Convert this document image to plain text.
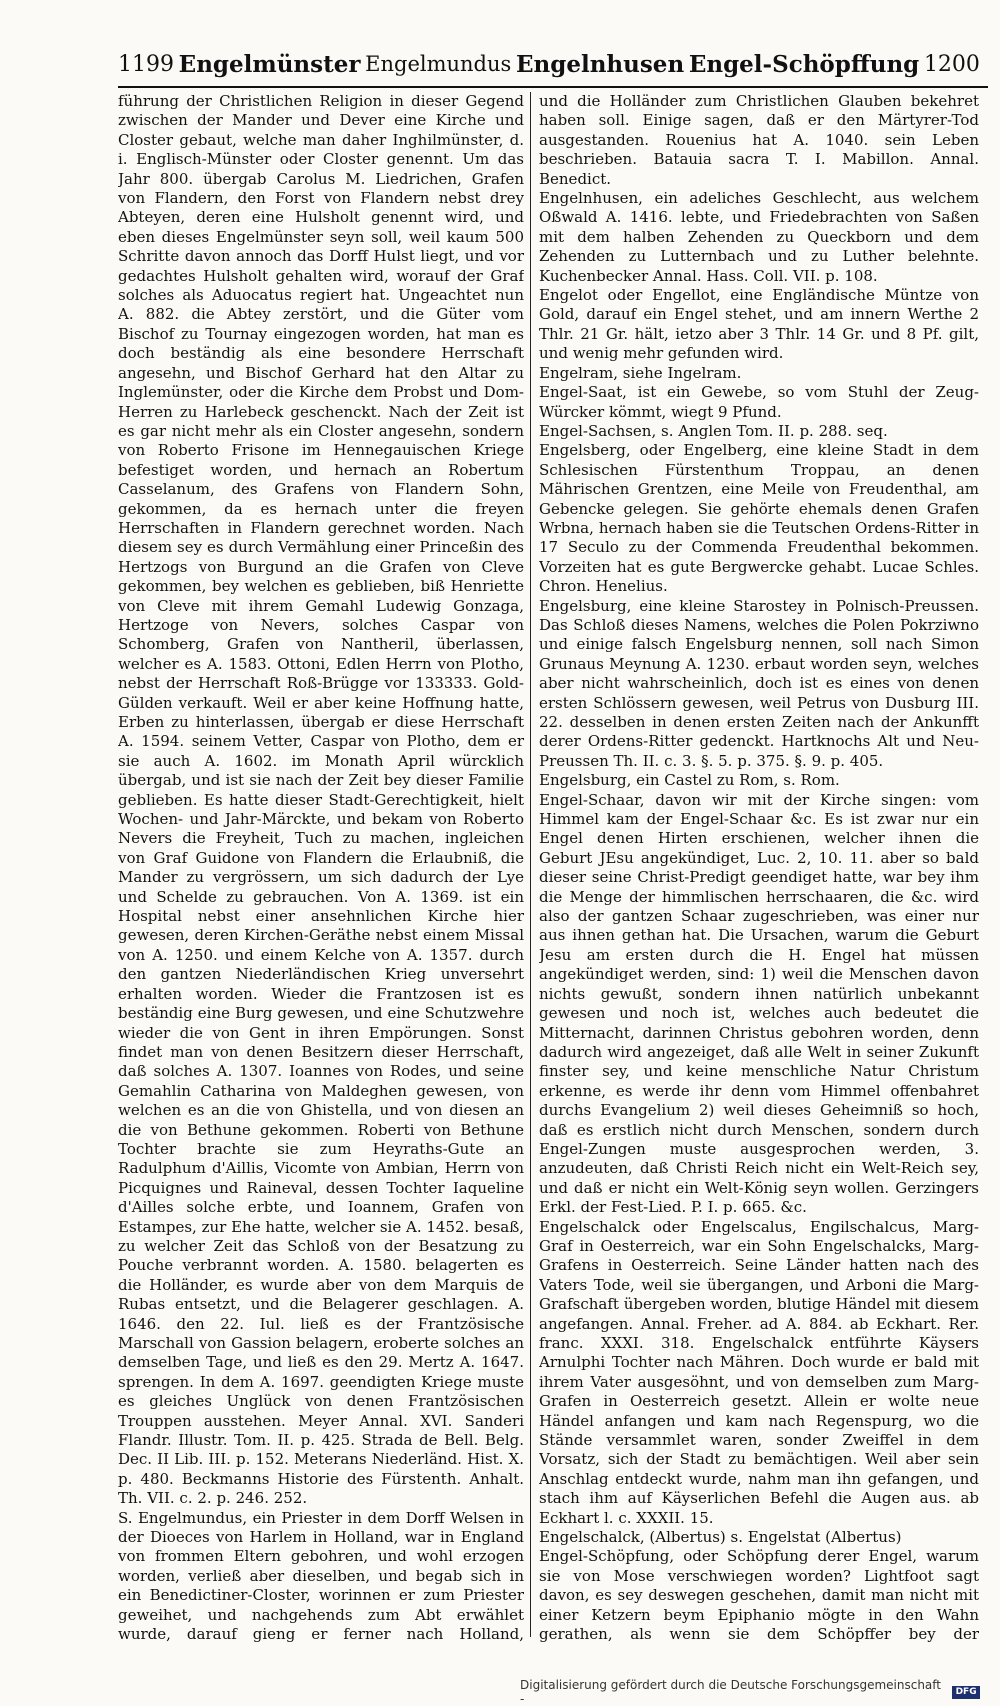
1199 Engelmünster Engelmundus Engelnhusen Engel-Schöpffung 1200

führung der Christlichen Religion in dieser Gegend zwischen der Mander und Dever eine Kirche und Closter gebaut, welche man daher Inghilmünster, d. i. Englisch-Münster oder Closter genennt. Um das Jahr 800. übergab Carolus M. Liedrichen, Grafen von Flandern, den Forst von Flandern nebst drey Abteyen, deren eine Hulsholt genennt wird, und eben dieses Engelmünster seyn soll, weil kaum 500 Schritte davon annoch das Dorff Hulst liegt, und vor gedachtes Hulsholt gehalten wird, worauf der Graf solches als Aduocatus regiert hat. Ungeachtet nun A. 882. die Abtey zerstört, und die Güter vom Bischof zu Tournay eingezogen worden, hat man es doch beständig als eine besondere Herrschaft angesehn, und Bischof Gerhard hat den Altar zu Inglemünster, oder die Kirche dem Probst und Dom-Herren zu Harlebeck geschenckt. Nach der Zeit ist es gar nicht mehr als ein Closter angesehn, sondern von Roberto Frisone im Hennegauischen Kriege befestiget worden, und hernach an Robertum Casselanum, des Grafens von Flandern Sohn, gekommen, da es hernach unter die freyen Herrschaften in Flandern gerechnet worden. Nach diesem sey es durch Vermählung einer Princeßin des Hertzogs von Burgund an die Grafen von Cleve gekommen, bey welchen es geblieben, biß Henriette von Cleve mit ihrem Gemahl Ludewig Gonzaga, Hertzoge von Nevers, solches Caspar von Schomberg, Grafen von Nantheril, überlassen, welcher es A. 1583. Ottoni, Edlen Herrn von Plotho, nebst der Herrschaft Roß-Brügge vor 133333. Gold-Gülden verkauft. Weil er aber keine Hoffnung hatte, Erben zu hinterlassen, übergab er diese Herrschaft A. 1594. seinem Vetter, Caspar von Plotho, dem er sie auch A. 1602. im Monath April würcklich übergab, und ist sie nach der Zeit bey dieser Familie geblieben. Es hatte dieser Stadt-Gerechtigkeit, hielt Wochen- und Jahr-Märckte, und bekam von Roberto Nevers die Freyheit, Tuch zu machen, ingleichen von Graf Guidone von Flandern die Erlaubniß, die Mander zu vergrössern, um sich dadurch der Lye und Schelde zu gebrauchen. Von A. 1369. ist ein Hospital nebst einer ansehnlichen Kirche hier gewesen, deren Kirchen-Geräthe nebst einem Missal von A. 1250. und einem Kelche von A. 1357. durch den gantzen Niederländischen Krieg unversehrt erhalten worden. Wieder die Frantzosen ist es beständig eine Burg gewesen, und eine Schutzwehre wieder die von Gent in ihren Empörungen. Sonst findet man von denen Besitzern dieser Herrschaft, daß solches A. 1307. Ioannes von Rodes, und seine Gemahlin Catharina von Maldeghen gewesen, von welchen es an die von Ghistella, und von diesen an die von Bethune gekommen. Roberti von Bethune Tochter brachte sie zum Heyraths-Gute an Radulphum d'Aillis, Vicomte von Ambian, Herrn von Picquignes und Raineval, dessen Tochter Iaqueline d'Ailles solche erbte, und Ioannem, Grafen von Estampes, zur Ehe hatte, welcher sie A. 1452. besaß, zu welcher Zeit das Schloß von der Besatzung zu Pouche verbrannt worden. A. 1580. belagerten es die Holländer, es wurde aber von dem Marquis de Rubas entsetzt, und die Belagerer geschlagen. A. 1646. den 22. Iul. ließ es der Frantzösische Marschall von Gassion belagern, eroberte solches an demselben Tage, und ließ es den 29. Mertz A. 1647. sprengen. In dem A. 1697. geendigten Kriege muste es gleiches Unglück von denen Frantzösischen Trouppen ausstehen. Meyer Annal. XVI. Sanderi Flandr. Illustr. Tom. II. p. 425. Strada de Bell. Belg. Dec. II Lib. III. p. 152. Meterans Niederländ. Hist. X. p. 480. Beckmanns Historie des Fürstenth. Anhalt. Th. VII. c. 2. p. 246. 252.

S. Engelmundus, ein Priester in dem Dorff Welsen in der Dioeces von Harlem in Holland, war in England von frommen Eltern gebohren, und wohl erzogen worden, verließ aber dieselben, und begab sich in ein Benedictiner-Closter, worinnen er zum Priester geweihet, und nachgehends zum Abt erwählet wurde, darauf gieng er ferner nach Holland,

und die Holländer zum Christlichen Glauben bekehret haben soll. Einige sagen, daß er den Märtyrer-Tod ausgestanden. Rouenius hat A. 1040. sein Leben beschrieben. Batauia sacra T. I. Mabillon. Annal. Benedict.

Engelnhusen, ein adeliches Geschlecht, aus welchem Oßwald A. 1416. lebte, und Friedebrachten von Saßen mit dem halben Zehenden zu Queckborn und dem Zehenden zu Lutternbach und zu Luther belehnte. Kuchenbecker Annal. Hass. Coll. VII. p. 108.

Engelot oder Engellot, eine Engländische Müntze von Gold, darauf ein Engel stehet, und am innern Werthe 2 Thlr. 21 Gr. hält, ietzo aber 3 Thlr. 14 Gr. und 8 Pf. gilt, und wenig mehr gefunden wird.

Engelram, siehe Ingelram.

Engel-Saat, ist ein Gewebe, so vom Stuhl der Zeug-Würcker kömmt, wiegt 9 Pfund.

Engel-Sachsen, s. Anglen Tom. II. p. 288. seq.

Engelsberg, oder Engelberg, eine kleine Stadt in dem Schlesischen Fürstenthum Troppau, an denen Mährischen Grentzen, eine Meile von Freudenthal, am Gebencke gelegen. Sie gehörte ehemals denen Grafen Wrbna, hernach haben sie die Teutschen Ordens-Ritter in 17 Seculo zu der Commenda Freudenthal bekommen. Vorzeiten hat es gute Bergwercke gehabt. Lucae Schles. Chron. Henelius.

Engelsburg, eine kleine Starostey in Polnisch-Preussen. Das Schloß dieses Namens, welches die Polen Pokrziwno und einige falsch Engelsburg nennen, soll nach Simon Grunaus Meynung A. 1230. erbaut worden seyn, welches aber nicht wahrscheinlich, doch ist es eines von denen ersten Schlössern gewesen, weil Petrus von Dusburg III. 22. desselben in denen ersten Zeiten nach der Ankunfft derer Ordens-Ritter gedenckt. Hartknochs Alt und Neu-Preussen Th. II. c. 3. §. 5. p. 375. §. 9. p. 405.

Engelsburg, ein Castel zu Rom, s. Rom.

Engel-Schaar, davon wir mit der Kirche singen: vom Himmel kam der Engel-Schaar &c. Es ist zwar nur ein Engel denen Hirten erschienen, welcher ihnen die Geburt JEsu angekündiget, Luc. 2, 10. 11. aber so bald dieser seine Christ-Predigt geendiget hatte, war bey ihm die Menge der himmlischen herrschaaren, die &c. wird also der gantzen Schaar zugeschrieben, was einer nur aus ihnen gethan hat. Die Ursachen, warum die Geburt Jesu am ersten durch die H. Engel hat müssen angekündiget werden, sind: 1) weil die Menschen davon nichts gewußt, sondern ihnen natürlich unbekannt gewesen und noch ist, welches auch bedeutet die Mitternacht, darinnen Christus gebohren worden, denn dadurch wird angezeiget, daß alle Welt in seiner Zukunft finster sey, und keine menschliche Natur Christum erkenne, es werde ihr denn vom Himmel offenbahret durchs Evangelium 2) weil dieses Geheimniß so hoch, daß es erstlich nicht durch Menschen, sondern durch Engel-Zungen muste ausgesprochen werden, 3. anzudeuten, daß Christi Reich nicht ein Welt-Reich sey, und daß er nicht ein Welt-König seyn wollen. Gerzingers Erkl. der Fest-Lied. P. I. p. 665. &c.

Engelschalck oder Engelscalus, Engilschalcus, Marg-Graf in Oesterreich, war ein Sohn Engelschalcks, Marg-Grafens in Oesterreich. Seine Länder hatten nach des Vaters Tode, weil sie übergangen, und Arboni die Marg-Grafschaft übergeben worden, blutige Händel mit diesem angefangen. Annal. Freher. ad A. 884. ab Eckhart. Rer. franc. XXXI. 318. Engelschalck entführte Käysers Arnulphi Tochter nach Mähren. Doch wurde er bald mit ihrem Vater ausgesöhnt, und von demselben zum Marg-Grafen in Oesterreich gesetzt. Allein er wolte neue Händel anfangen und kam nach Regenspurg, wo die Stände versammlet waren, sonder Zweiffel in dem Vorsatz, sich der Stadt zu bemächtigen. Weil aber sein Anschlag entdeckt wurde, nahm man ihn gefangen, und stach ihm auf Käyserlichen Befehl die Augen aus. ab Eckhart l. c. XXXII. 15.

Engelschalck, (Albertus) s. Engelstat (Albertus)

Engel-Schöpfung, oder Schöpfung derer Engel, warum sie von Mose verschwiegen worden? Lightfoot sagt davon, es sey deswegen geschehen, damit man nicht mit einer Ketzern beym Epiphanio mögte in den Wahn gerathen, als wenn sie dem Schöpffer bey der

Digitalisierung gefördert durch die Deutsche Forschungsgemeinschaft -	DFG
